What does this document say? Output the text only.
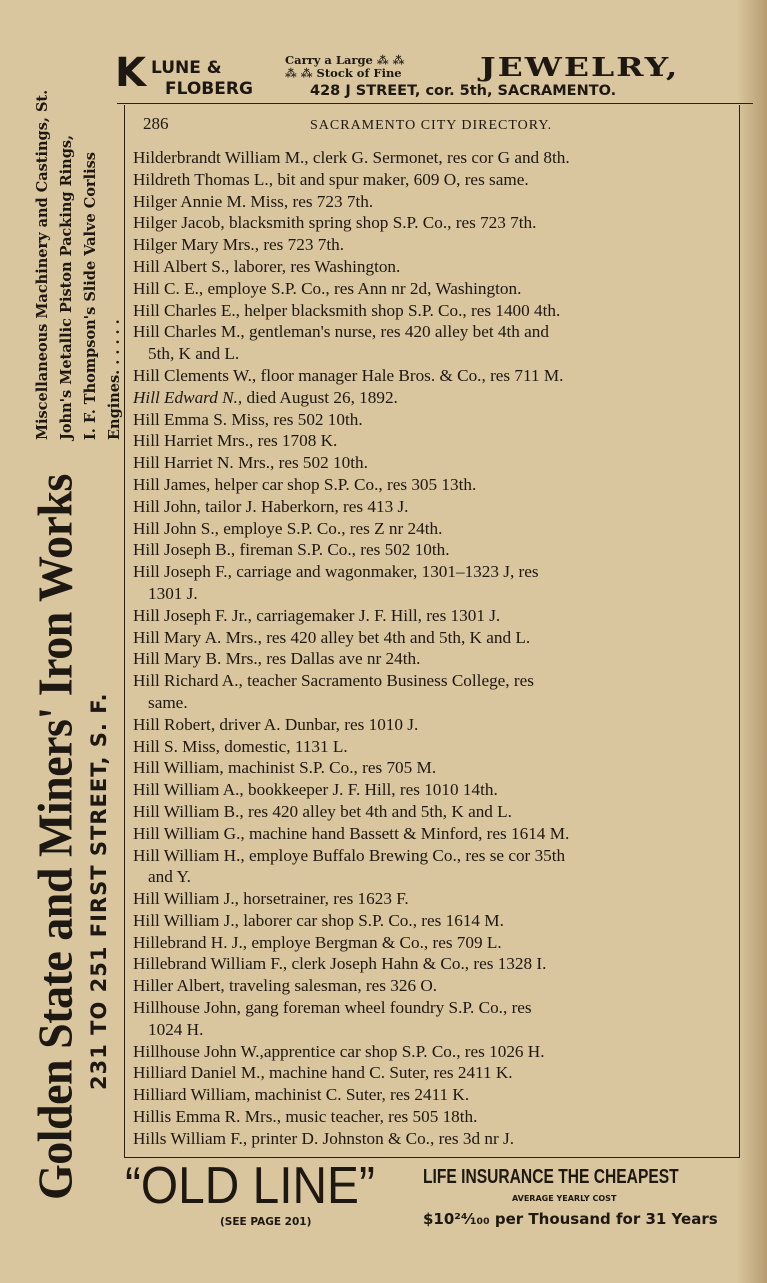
Miscellaneous Machinery and Castings, St. John's Metallic Piston Packing Rings, I. F. Thompson's Slide Valve Corliss Engines. . . . . .
Golden State and Miners' Iron Works 231 TO 251 FIRST STREET, S. F.
K LUNE &
FLOBERG
Carry a Large ⁂ ⁂
⁂ ⁂ Stock of Fine JEWELRY,
428 J STREET, cor. 5th, SACRAMENTO.
286	SACRAMENTO CITY DIRECTORY.
Hilderbrandt William M., clerk G. Sermonet, res cor G and 8th.
Hildreth Thomas L., bit and spur maker, 609 O, res same.
Hilger Annie M. Miss, res 723 7th.
Hilger Jacob, blacksmith spring shop S.P. Co., res 723 7th.
Hilger Mary Mrs., res 723 7th.
Hill Albert S., laborer, res Washington.
Hill C. E., employe S.P. Co., res Ann nr 2d, Washington.
Hill Charles E., helper blacksmith shop S.P. Co., res 1400 4th.
Hill Charles M., gentleman's nurse, res 420 alley bet 4th and
5th, K and L.
Hill Clements W., floor manager Hale Bros. & Co., res 711 M.
Hill Edward N., died August 26, 1892.
Hill Emma S. Miss, res 502 10th.
Hill Harriet Mrs., res 1708 K.
Hill Harriet N. Mrs., res 502 10th.
Hill James, helper car shop S.P. Co., res 305 13th.
Hill John, tailor J. Haberkorn, res 413 J.
Hill John S., employe S.P. Co., res Z nr 24th.
Hill Joseph B., fireman S.P. Co., res 502 10th.
Hill Joseph F., carriage and wagonmaker, 1301–1323 J, res
1301 J.
Hill Joseph F. Jr., carriagemaker J. F. Hill, res 1301 J.
Hill Mary A. Mrs., res 420 alley bet 4th and 5th, K and L.
Hill Mary B. Mrs., res Dallas ave nr 24th.
Hill Richard A., teacher Sacramento Business College, res
same.
Hill Robert, driver A. Dunbar, res 1010 J.
Hill S. Miss, domestic, 1131 L.
Hill William, machinist S.P. Co., res 705 M.
Hill William A., bookkeeper J. F. Hill, res 1010 14th.
Hill William B., res 420 alley bet 4th and 5th, K and L.
Hill William G., machine hand Bassett & Minford, res 1614 M.
Hill William H., employe Buffalo Brewing Co., res se cor 35th
and Y.
Hill William J., horsetrainer, res 1623 F.
Hill William J., laborer car shop S.P. Co., res 1614 M.
Hillebrand H. J., employe Bergman & Co., res 709 L.
Hillebrand William F., clerk Joseph Hahn & Co., res 1328 I.
Hiller Albert, traveling salesman, res 326 O.
Hillhouse John, gang foreman wheel foundry S.P. Co., res
1024 H.
Hillhouse John W.,apprentice car shop S.P. Co., res 1026 H.
Hilliard Daniel M., machine hand C. Suter, res 2411 K.
Hilliard William, machinist C. Suter, res 2411 K.
Hillis Emma R. Mrs., music teacher, res 505 18th.
Hills William F., printer D. Johnston & Co., res 3d nr J.
“OLD LINE”
(SEE PAGE 201)
LIFE INSURANCE THE CHEAPEST
AVERAGE YEARLY COST
$10²⁴⁄₁₀₀ per Thousand for 31 Years
